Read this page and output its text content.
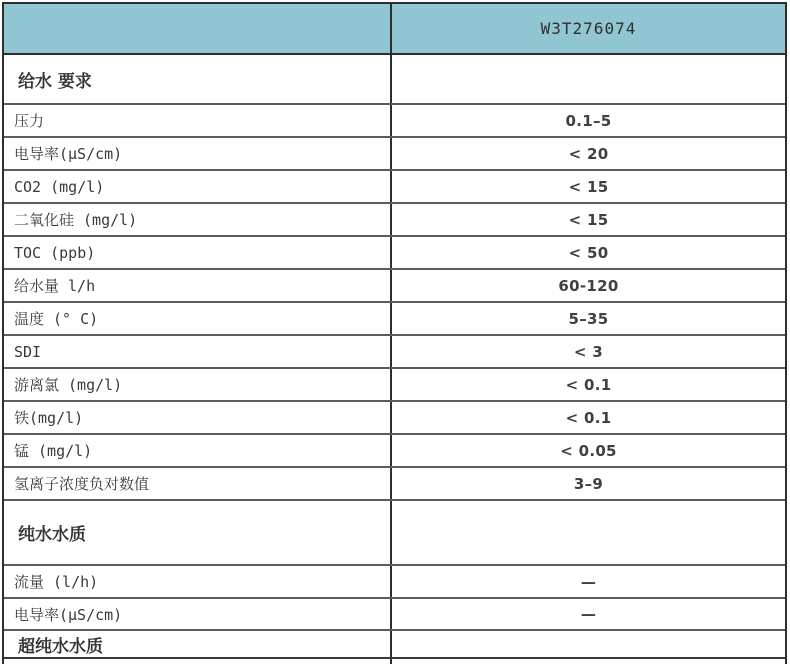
W3T276074
给水 要求
压力	0.1–5
电导率(μS/cm)	< 20
CO2 (mg/l)	< 15
二氧化硅 (mg/l)	< 15
TOC (ppb)	< 50
给水量 l/h	60-120
温度 (° C)	5–35
SDI	< 3
游离氯 (mg/l)	< 0.1
铁(mg/l)	< 0.1
锰 (mg/l)	< 0.05
氢离子浓度负对数值	3–9
纯水水质
流量 (l/h)	—
电导率(μS/cm)	—
超纯水水质
